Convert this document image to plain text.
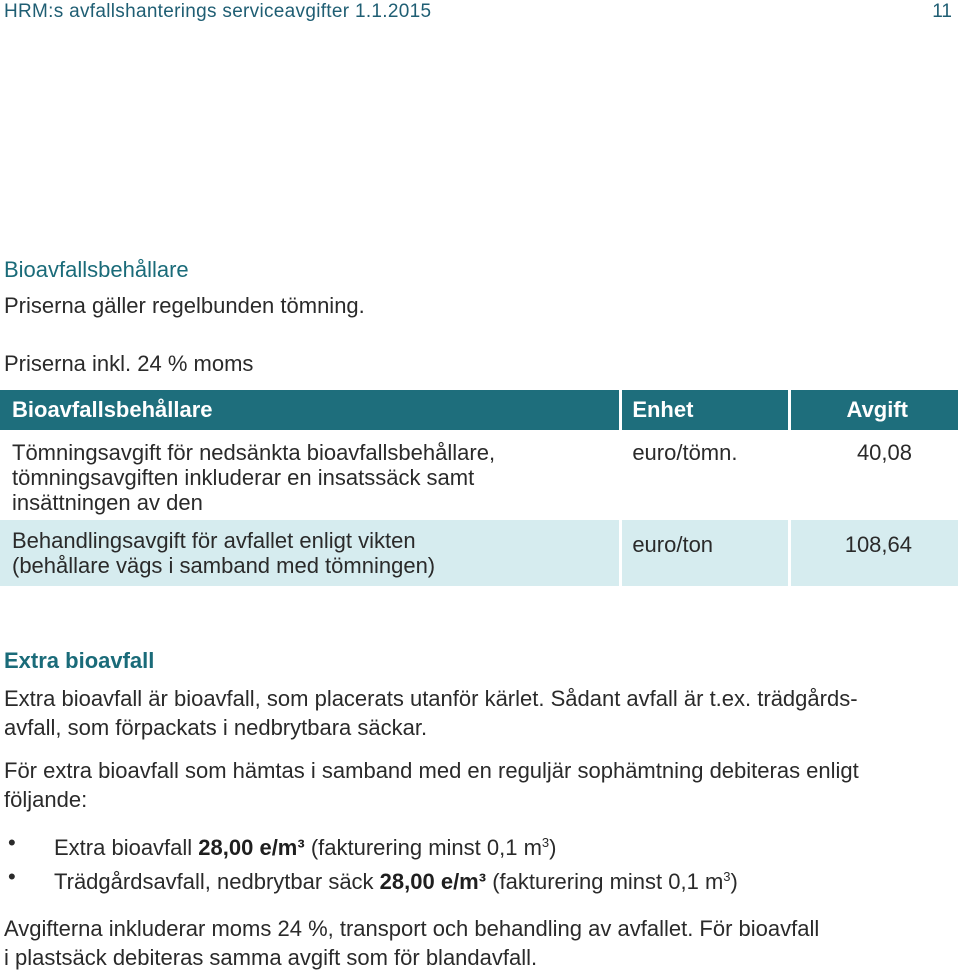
HRM:s avfallshanterings serviceavgifter 1.1.2015	11
Bioavfallsbehållare
Priserna gäller regelbunden tömning.
Priserna inkl. 24 % moms
Bioavfallsbehållare	Enhet	Avgift
Tömningsavgift för nedsänkta bioavfallsbehållare,
tömningsavgiften inkluderar en insatssäck samt
insättningen av den
euro/tömn.	40,08
Behandlingsavgift för avfallet enligt vikten
(behållare vägs i samband med tömningen)
euro/ton	108,64
Extra bioavfall
Extra bioavfall är bioavfall, som placerats utanför kärlet. Sådant avfall är t.ex. trädgårds-
avfall, som förpackats i nedbrytbara säckar.
För extra bioavfall som hämtas i samband med en reguljär sophämtning debiteras enligt
följande:
•	Extra bioavfall 28,00 e/m³ (fakturering minst 0,1 $m^3$)
•	Trädgårdsavfall, nedbrytbar säck 28,00 e/m³ (fakturering minst 0,1 $m^3$)
Avgifterna inkluderar moms 24 %, transport och behandling av avfallet. För bioavfall
i plastsäck debiteras samma avgift som för blandavfall.
